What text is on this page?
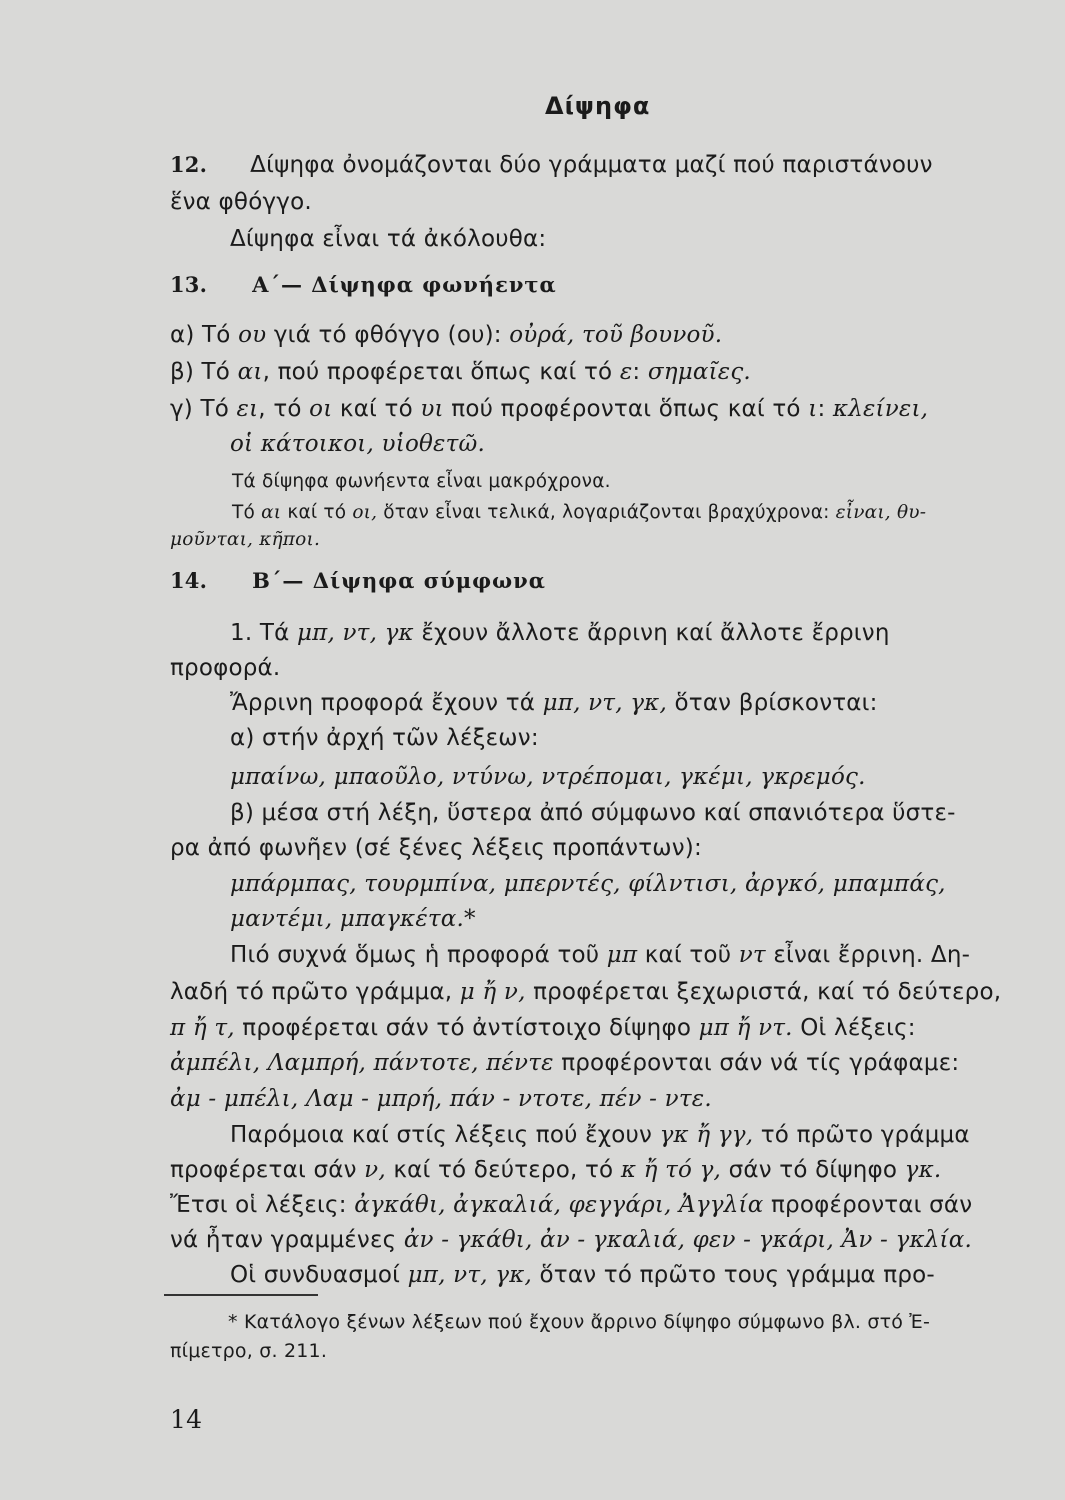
Δίψηφα
12. Δίψηφα ὀνομάζονται δύο γράμματα μαζί πού παριστάνουν
ἕνα φθόγγο.
Δίψηφα εἶναι τά ἀκόλουθα:
13. Α΄— Δίψηφα φωνήεντα
α) Τό ου γιά τό φθόγγο (ου): οὐρά, τοῦ βουνοῦ.
β) Τό αι, πού προφέρεται ὅπως καί τό ε: σημαῖες.
γ) Τό ει, τό οι καί τό υι πού προφέρονται ὅπως καί τό ι: κλείνει,
οἱ κάτοικοι, υἱοθετῶ.
Τά δίψηφα φωνήεντα εἶναι μακρόχρονα.
Τό αι καί τό οι, ὅταν εἶναι τελικά, λογαριάζονται βραχύχρονα: εἶναι, θυ-
μοῦνται, κῆποι.
14. Β΄— Δίψηφα σύμφωνα
1. Τά μπ, ντ, γκ ἔχουν ἄλλοτε ἄρρινη καί ἄλλοτε ἔρρινη
προφορά.
Ἄρρινη προφορά ἔχουν τά μπ, ντ, γκ, ὅταν βρίσκονται:
α) στήν ἀρχή τῶν λέξεων:
μπαίνω, μπαοῦλο, ντύνω, ντρέπομαι, γκέμι, γκρεμός.
β) μέσα στή λέξη, ὕστερα ἀπό σύμφωνο καί σπανιότερα ὕστε-
ρα ἀπό φωνῆεν (σέ ξένες λέξεις προπάντων):
μπάρμπας, τουρμπίνα, μπερντές, φίλντισι, ἀργκό, μπαμπάς,
μαντέμι, μπαγκέτα.*
Πιό συχνά ὅμως ἡ προφορά τοῦ μπ καί τοῦ ντ εἶναι ἔρρινη. Δη-
λαδή τό πρῶτο γράμμα, μ ἤ ν, προφέρεται ξεχωριστά, καί τό δεύτερο,
π ἤ τ, προφέρεται σάν τό ἀντίστοιχο δίψηφο μπ ἤ ντ. Οἱ λέξεις:
ἀμπέλι, Λαμπρή, πάντοτε, πέντε προφέρονται σάν νά τίς γράφαμε:
ἀμ - μπέλι, Λαμ - μπρή, πάν - ντοτε, πέν - ντε.
Παρόμοια καί στίς λέξεις πού ἔχουν γκ ἤ γγ, τό πρῶτο γράμμα
προφέρεται σάν ν, καί τό δεύτερο, τό κ ἤ τό γ, σάν τό δίψηφο γκ.
Ἔτσι οἱ λέξεις: ἀγκάθι, ἀγκαλιά, φεγγάρι, Ἀγγλία προφέρονται σάν
νά ἦταν γραμμένες ἀν - γκάθι, ἀν - γκαλιά, φεν - γκάρι, Ἀν - γκλία.
Οἱ συνδυασμοί μπ, ντ, γκ, ὅταν τό πρῶτο τους γράμμα προ-
* Κατάλογο ξένων λέξεων πού ἔχουν ἄρρινο δίψηφο σύμφωνο βλ. στό Ἐ-
πίμετρο, σ. 211.
14
